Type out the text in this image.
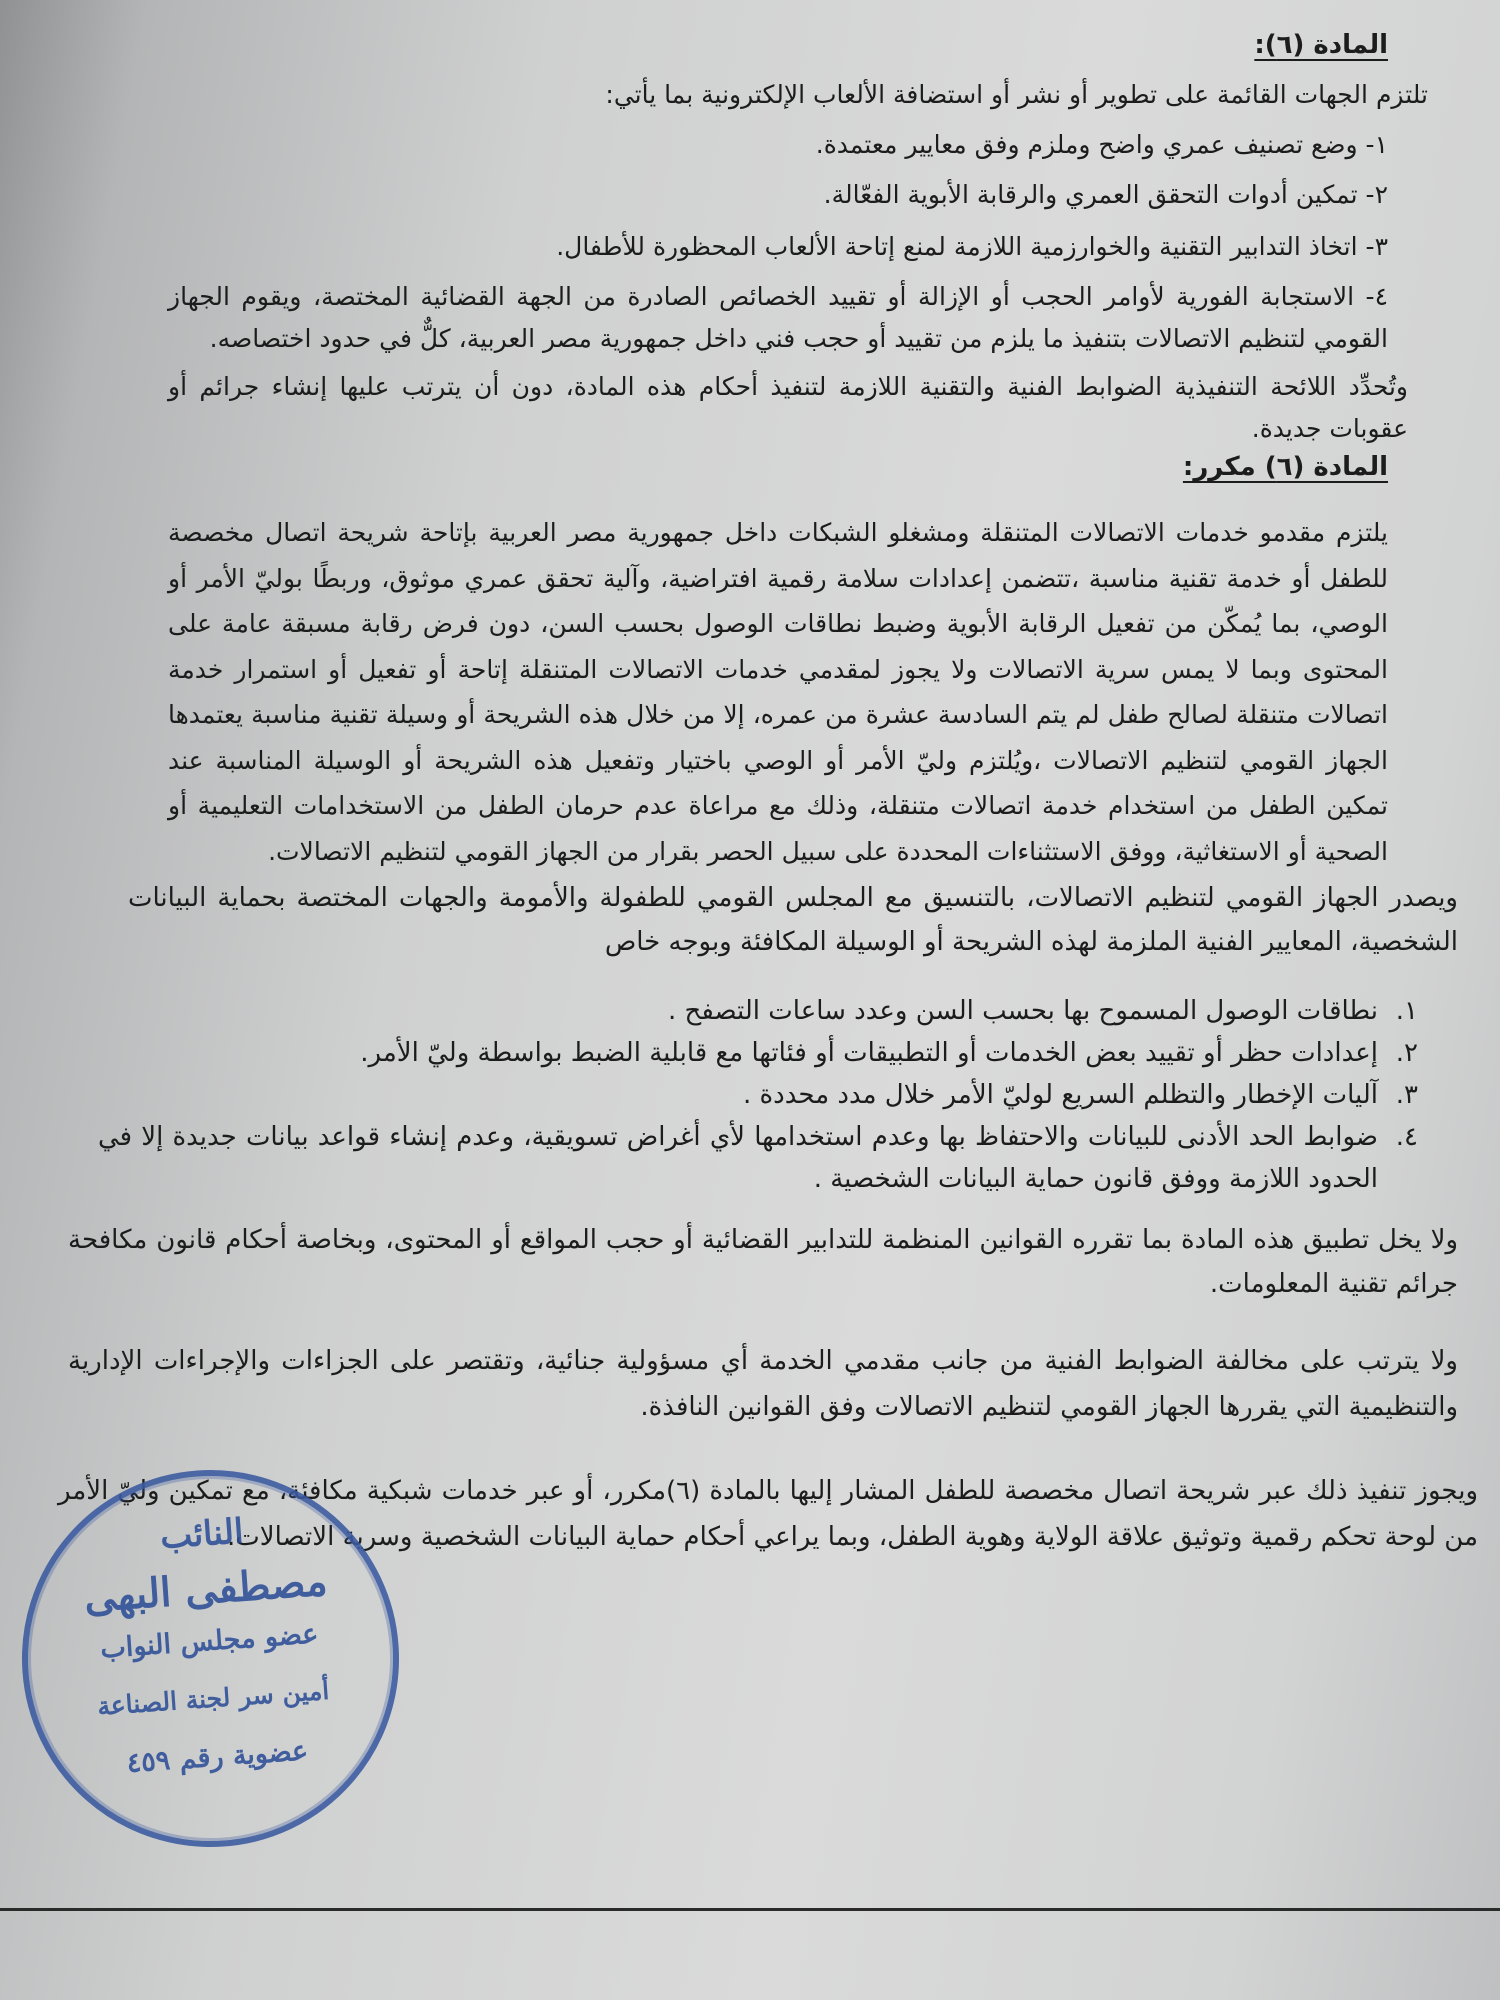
المادة (٦):
تلتزم الجهات القائمة على تطوير أو نشر أو استضافة الألعاب الإلكترونية بما يأتي:
١- وضع تصنيف عمري واضح وملزم وفق معايير معتمدة.
٢- تمكين أدوات التحقق العمري والرقابة الأبوية الفعّالة.
٣- اتخاذ التدابير التقنية والخوارزمية اللازمة لمنع إتاحة الألعاب المحظورة للأطفال.
٤- الاستجابة الفورية لأوامر الحجب أو الإزالة أو تقييد الخصائص الصادرة من الجهة القضائية المختصة، ويقوم الجهاز القومي لتنظيم الاتصالات بتنفيذ ما يلزم من تقييد أو حجب فني داخل جمهورية مصر العربية، كلٌّ في حدود اختصاصه.
وتُحدِّد اللائحة التنفيذية الضوابط الفنية والتقنية اللازمة لتنفيذ أحكام هذه المادة، دون أن يترتب عليها إنشاء جرائم أو عقوبات جديدة.
المادة (٦) مكرر:
يلتزم مقدمو خدمات الاتصالات المتنقلة ومشغلو الشبكات داخل جمهورية مصر العربية بإتاحة شريحة اتصال مخصصة للطفل أو خدمة تقنية مناسبة ،تتضمن إعدادات سلامة رقمية افتراضية، وآلية تحقق عمري موثوق، وربطًا بوليّ الأمر أو الوصي، بما يُمكّن من تفعيل الرقابة الأبوية وضبط نطاقات الوصول بحسب السن، دون فرض رقابة مسبقة عامة على المحتوى وبما لا يمس سرية الاتصالات ولا يجوز لمقدمي خدمات الاتصالات المتنقلة إتاحة أو تفعيل أو استمرار خدمة اتصالات متنقلة لصالح طفل لم يتم السادسة عشرة من عمره، إلا من خلال هذه الشريحة أو وسيلة تقنية مناسبة يعتمدها الجهاز القومي لتنظيم الاتصالات ،ويُلتزم وليّ الأمر أو الوصي باختيار وتفعيل هذه الشريحة أو الوسيلة المناسبة عند تمكين الطفل من استخدام خدمة اتصالات متنقلة، وذلك مع مراعاة عدم حرمان الطفل من الاستخدامات التعليمية أو الصحية أو الاستغاثية، ووفق الاستثناءات المحددة على سبيل الحصر بقرار من الجهاز القومي لتنظيم الاتصالات.
ويصدر الجهاز القومي لتنظيم الاتصالات، بالتنسيق مع المجلس القومي للطفولة والأمومة والجهات المختصة بحماية البيانات الشخصية، المعايير الفنية الملزمة لهذه الشريحة أو الوسيلة المكافئة وبوجه خاص
١.
نطاقات الوصول المسموح بها بحسب السن وعدد ساعات التصفح .
٢.
إعدادات حظر أو تقييد بعض الخدمات أو التطبيقات أو فئاتها مع قابلية الضبط بواسطة وليّ الأمر.
٣.
آليات الإخطار والتظلم السريع لوليّ الأمر خلال مدد محددة .
٤.
ضوابط الحد الأدنى للبيانات والاحتفاظ بها وعدم استخدامها لأي أغراض تسويقية، وعدم إنشاء قواعد بيانات جديدة إلا في الحدود اللازمة ووفق قانون حماية البيانات الشخصية .
ولا يخل تطبيق هذه المادة بما تقرره القوانين المنظمة للتدابير القضائية أو حجب المواقع أو المحتوى، وبخاصة أحكام قانون مكافحة جرائم تقنية المعلومات.
ولا يترتب على مخالفة الضوابط الفنية من جانب مقدمي الخدمة أي مسؤولية جنائية، وتقتصر على الجزاءات والإجراءات الإدارية والتنظيمية التي يقررها الجهاز القومي لتنظيم الاتصالات وفق القوانين النافذة.
ويجوز تنفيذ ذلك عبر شريحة اتصال مخصصة للطفل المشار إليها بالمادة (٦)مكرر، أو عبر خدمات شبكية مكافئة، مع تمكين وليّ الأمر من لوحة تحكم رقمية وتوثيق علاقة الولاية وهوية الطفل، وبما يراعي أحكام حماية البيانات الشخصية وسرية الاتصالات.
النائب
مصطفى البهى
عضو مجلس النواب
أمين سر لجنة الصناعة
عضوية رقم ٤٥٩
